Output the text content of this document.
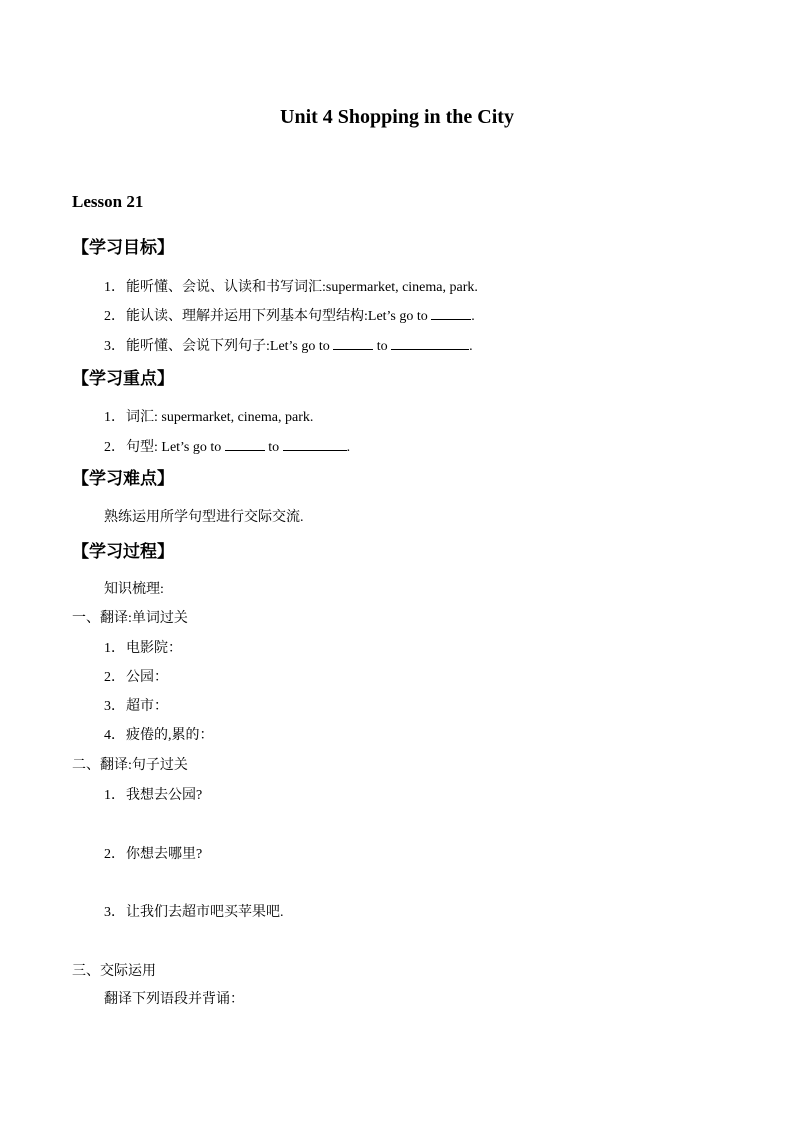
Unit 4 Shopping in the City
Lesson 21
【学习目标】
1．能听懂、会说、认读和书写词汇:supermarket, cinema, park.
2．能认读、理解并运用下列基本句型结构:Let’s go to	.
3．能听懂、会说下列句子:Let’s go to	to	.
【学习重点】
1．词汇: supermarket, cinema, park.
2．句型: Let’s go to	to	.
【学习难点】
熟练运用所学句型进行交际交流.
【学习过程】
知识梳理:
一、翻译:单词过关
1．电影院：
2．公园：
3．超市：
4．疲倦的,累的：
二、翻译:句子过关
1．我想去公园?
2．你想去哪里?
3．让我们去超市吧买苹果吧.
三、交际运用
翻译下列语段并背诵：
